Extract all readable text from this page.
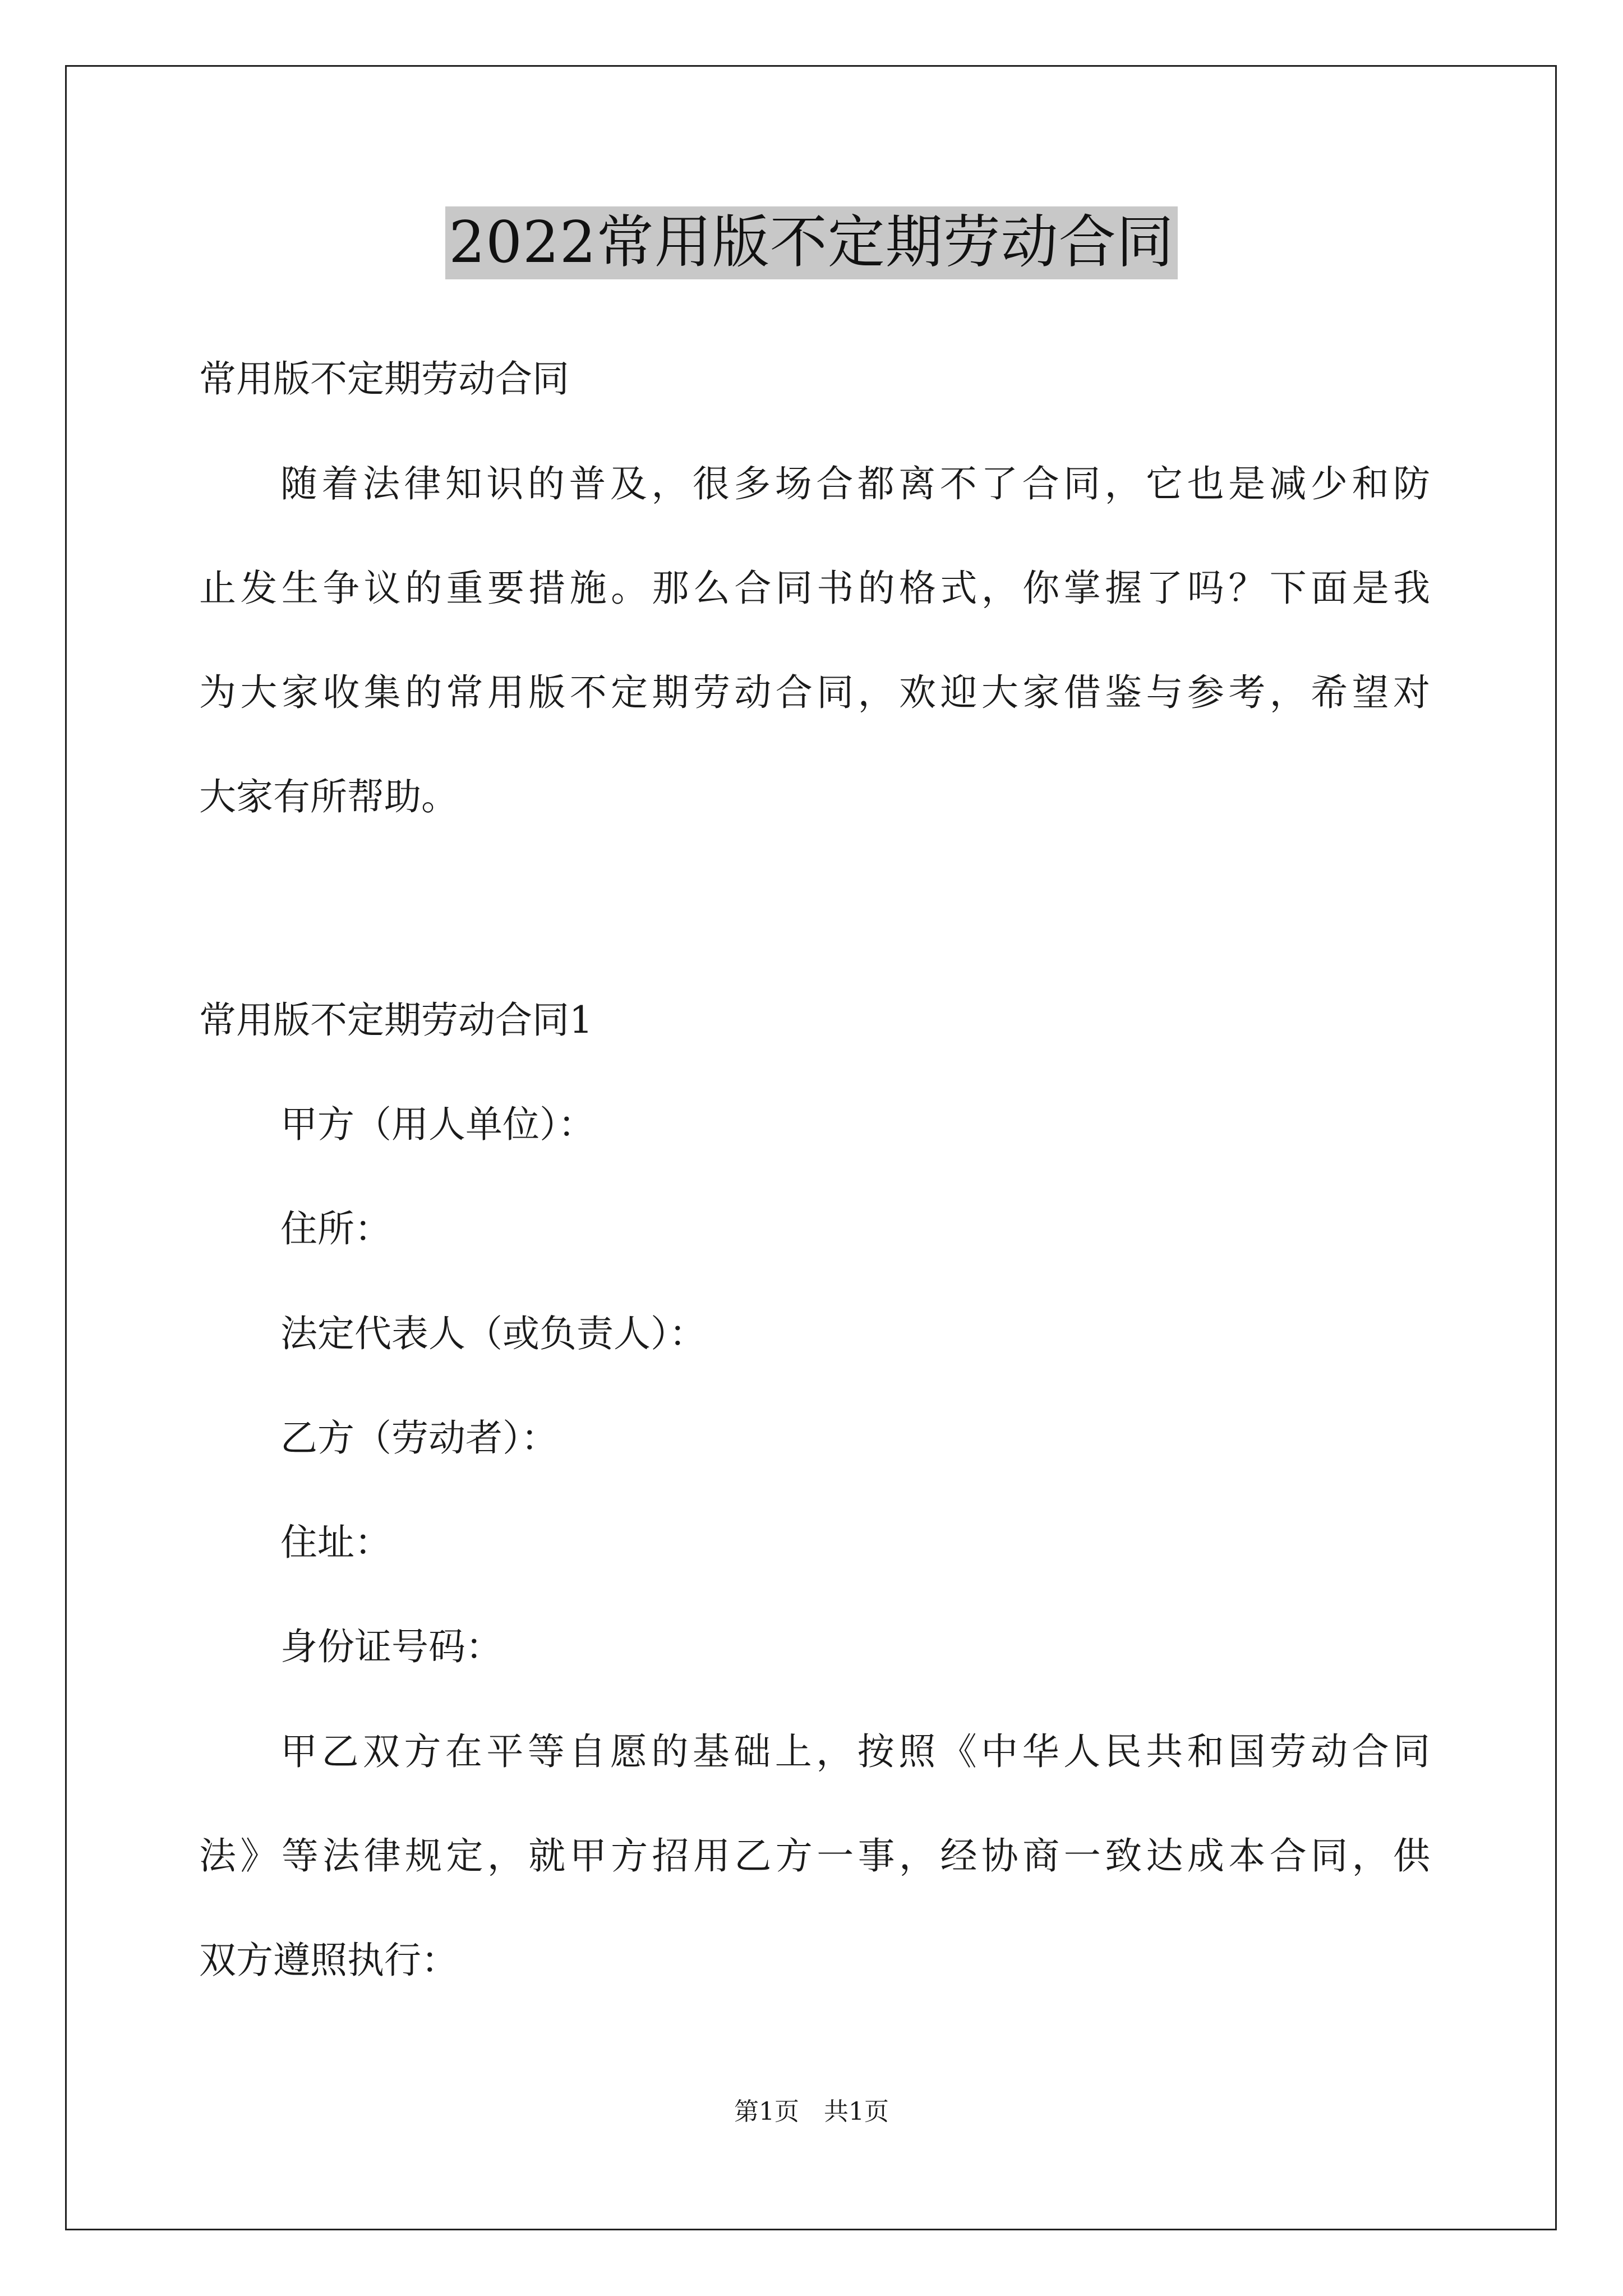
2022常用版不定期劳动合同
常用版不定期劳动合同
随着法律知识的普及，很多场合都离不了合同，它也是减少和防
止发生争议的重要措施。那么合同书的格式，你掌握了吗？下面是我
为大家收集的常用版不定期劳动合同，欢迎大家借鉴与参考，希望对
大家有所帮助。
常用版不定期劳动合同1
甲方（用人单位）：
住所：
法定代表人（或负责人）：
乙方（劳动者）：
住址：
身份证号码：
甲乙双方在平等自愿的基础上，按照《中华人民共和国劳动合同
法》等法律规定，就甲方招用乙方一事，经协商一致达成本合同，供
双方遵照执行：
第1页　共1页
